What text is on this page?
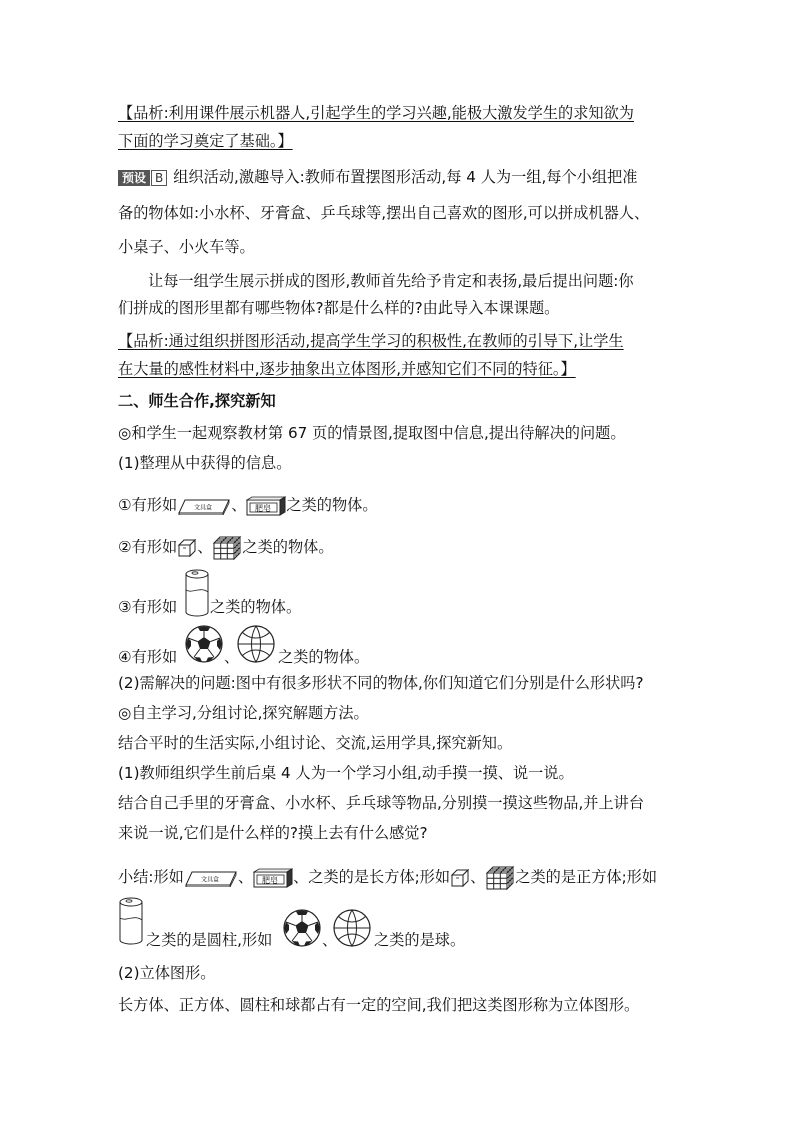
【品析:利用课件展示机器人,引起学生的学习兴趣,能极大激发学生的求知欲为
下面的学习奠定了基础。】
预设 B 组织活动,激趣导入:教师布置摆图形活动,每 4 人为一组,每个小组把准
备的物体如:小水杯、牙膏盒、乒乓球等,摆出自己喜欢的图形,可以拼成机器人、
小桌子、小火车等。
让每一组学生展示拼成的图形,教师首先给予肯定和表扬,最后提出问题:你
们拼成的图形里都有哪些物体?都是什么样的?由此导入本课课题。
【品析:通过组织拼图形活动,提高学生学习的积极性,在教师的引导下,让学生
在大量的感性材料中,逐步抽象出立体图形,并感知它们不同的特征。】
二、师生合作,探究新知
◎和学生一起观察教材第 67 页的情景图,提取图中信息,提出待解决的问题。
(1)整理从中获得的信息。
①有形如	文具盒 、 肥皂 之类的物体。
②有形如 、 之类的物体。
③有形如 之类的物体。
④有形如	、	之类的物体。
(2)需解决的问题:图中有很多形状不同的物体,你们知道它们分别是什么形状吗?
◎自主学习,分组讨论,探究解题方法。
结合平时的生活实际,小组讨论、交流,运用学具,探究新知。
(1)教师组织学生前后桌 4 人为一个学习小组,动手摸一摸、说一说。
结合自己手里的牙膏盒、小水杯、乒乓球等物品,分别摸一摸这些物品,并上讲台
来说一说,它们是什么样的?摸上去有什么感觉?
小结:形如	文具盒 、 肥皂 、之类的是长方体;形如 、 之类的是正方体;形如
之类的是圆柱,形如	、 之类的是球。
(2)立体图形。
长方体、正方体、圆柱和球都占有一定的空间,我们把这类图形称为立体图形。
